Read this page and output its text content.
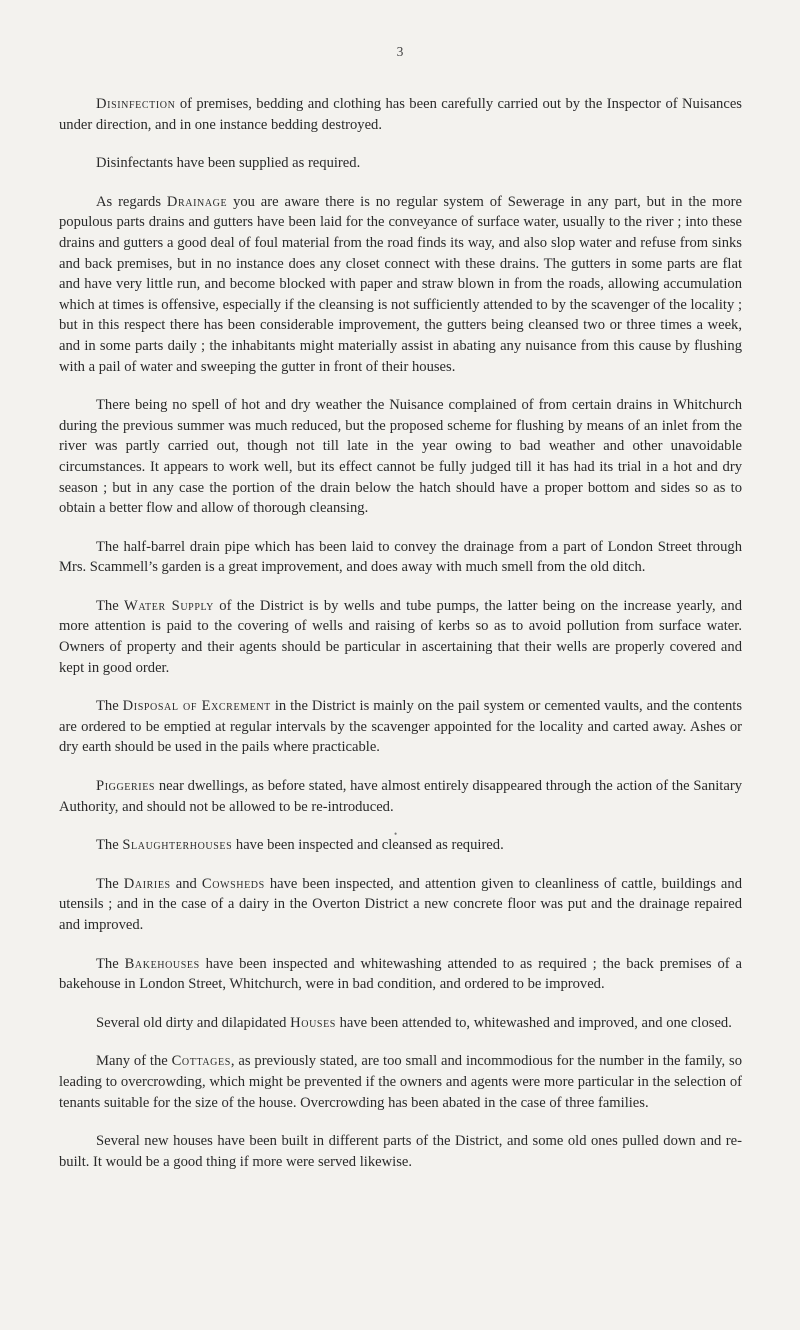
3

Disinfection of premises, bedding and clothing has been carefully carried out by the Inspector of Nuisances under direction, and in one instance bedding destroyed.

Disinfectants have been supplied as required.

As regards Drainage you are aware there is no regular system of Sewerage in any part, but in the more populous parts drains and gutters have been laid for the conveyance of surface water, usually to the river ; into these drains and gutters a good deal of foul material from the road finds its way, and also slop water and refuse from sinks and back premises, but in no instance does any closet connect with these drains. The gutters in some parts are flat and have very little run, and become blocked with paper and straw blown in from the roads, allowing accumulation which at times is offensive, especially if the cleansing is not sufficiently attended to by the scavenger of the locality ; but in this respect there has been considerable improvement, the gutters being cleansed two or three times a week, and in some parts daily ; the inhabitants might materially assist in abating any nuisance from this cause by flushing with a pail of water and sweeping the gutter in front of their houses.

There being no spell of hot and dry weather the Nuisance complained of from certain drains in Whitchurch during the previous summer was much reduced, but the proposed scheme for flushing by means of an inlet from the river was partly carried out, though not till late in the year owing to bad weather and other unavoidable circumstances. It appears to work well, but its effect cannot be fully judged till it has had its trial in a hot and dry season ; but in any case the portion of the drain below the hatch should have a proper bottom and sides so as to obtain a better flow and allow of thorough cleansing.

The half-barrel drain pipe which has been laid to convey the drainage from a part of London Street through Mrs. Scammell’s garden is a great improvement, and does away with much smell from the old ditch.

The Water Supply of the District is by wells and tube pumps, the latter being on the increase yearly, and more attention is paid to the covering of wells and raising of kerbs so as to avoid pollution from surface water. Owners of property and their agents should be particular in ascertaining that their wells are properly covered and kept in good order.

The Disposal of Excrement in the District is mainly on the pail system or cemented vaults, and the contents are ordered to be emptied at regular intervals by the scavenger appointed for the locality and carted away. Ashes or dry earth should be used in the pails where practicable.

Piggeries near dwellings, as before stated, have almost entirely disappeared through the action of the Sanitary Authority, and should not be allowed to be re-introduced.

The Slaughterhouses have been inspected and cleansed as required.

The Dairies and Cowsheds have been inspected, and attention given to cleanliness of cattle, buildings and utensils ; and in the case of a dairy in the Overton District a new concrete floor was put and the drainage repaired and improved.

The Bakehouses have been inspected and whitewashing attended to as required ; the back premises of a bakehouse in London Street, Whitchurch, were in bad condition, and ordered to be improved.

Several old dirty and dilapidated Houses have been attended to, whitewashed and improved, and one closed.

Many of the Cottages, as previously stated, are too small and incommodious for the number in the family, so leading to overcrowding, which might be prevented if the owners and agents were more particular in the selection of tenants suitable for the size of the house. Overcrowding has been abated in the case of three families.

Several new houses have been built in different parts of the District, and some old ones pulled down and re-built. It would be a good thing if more were served likewise.

•
